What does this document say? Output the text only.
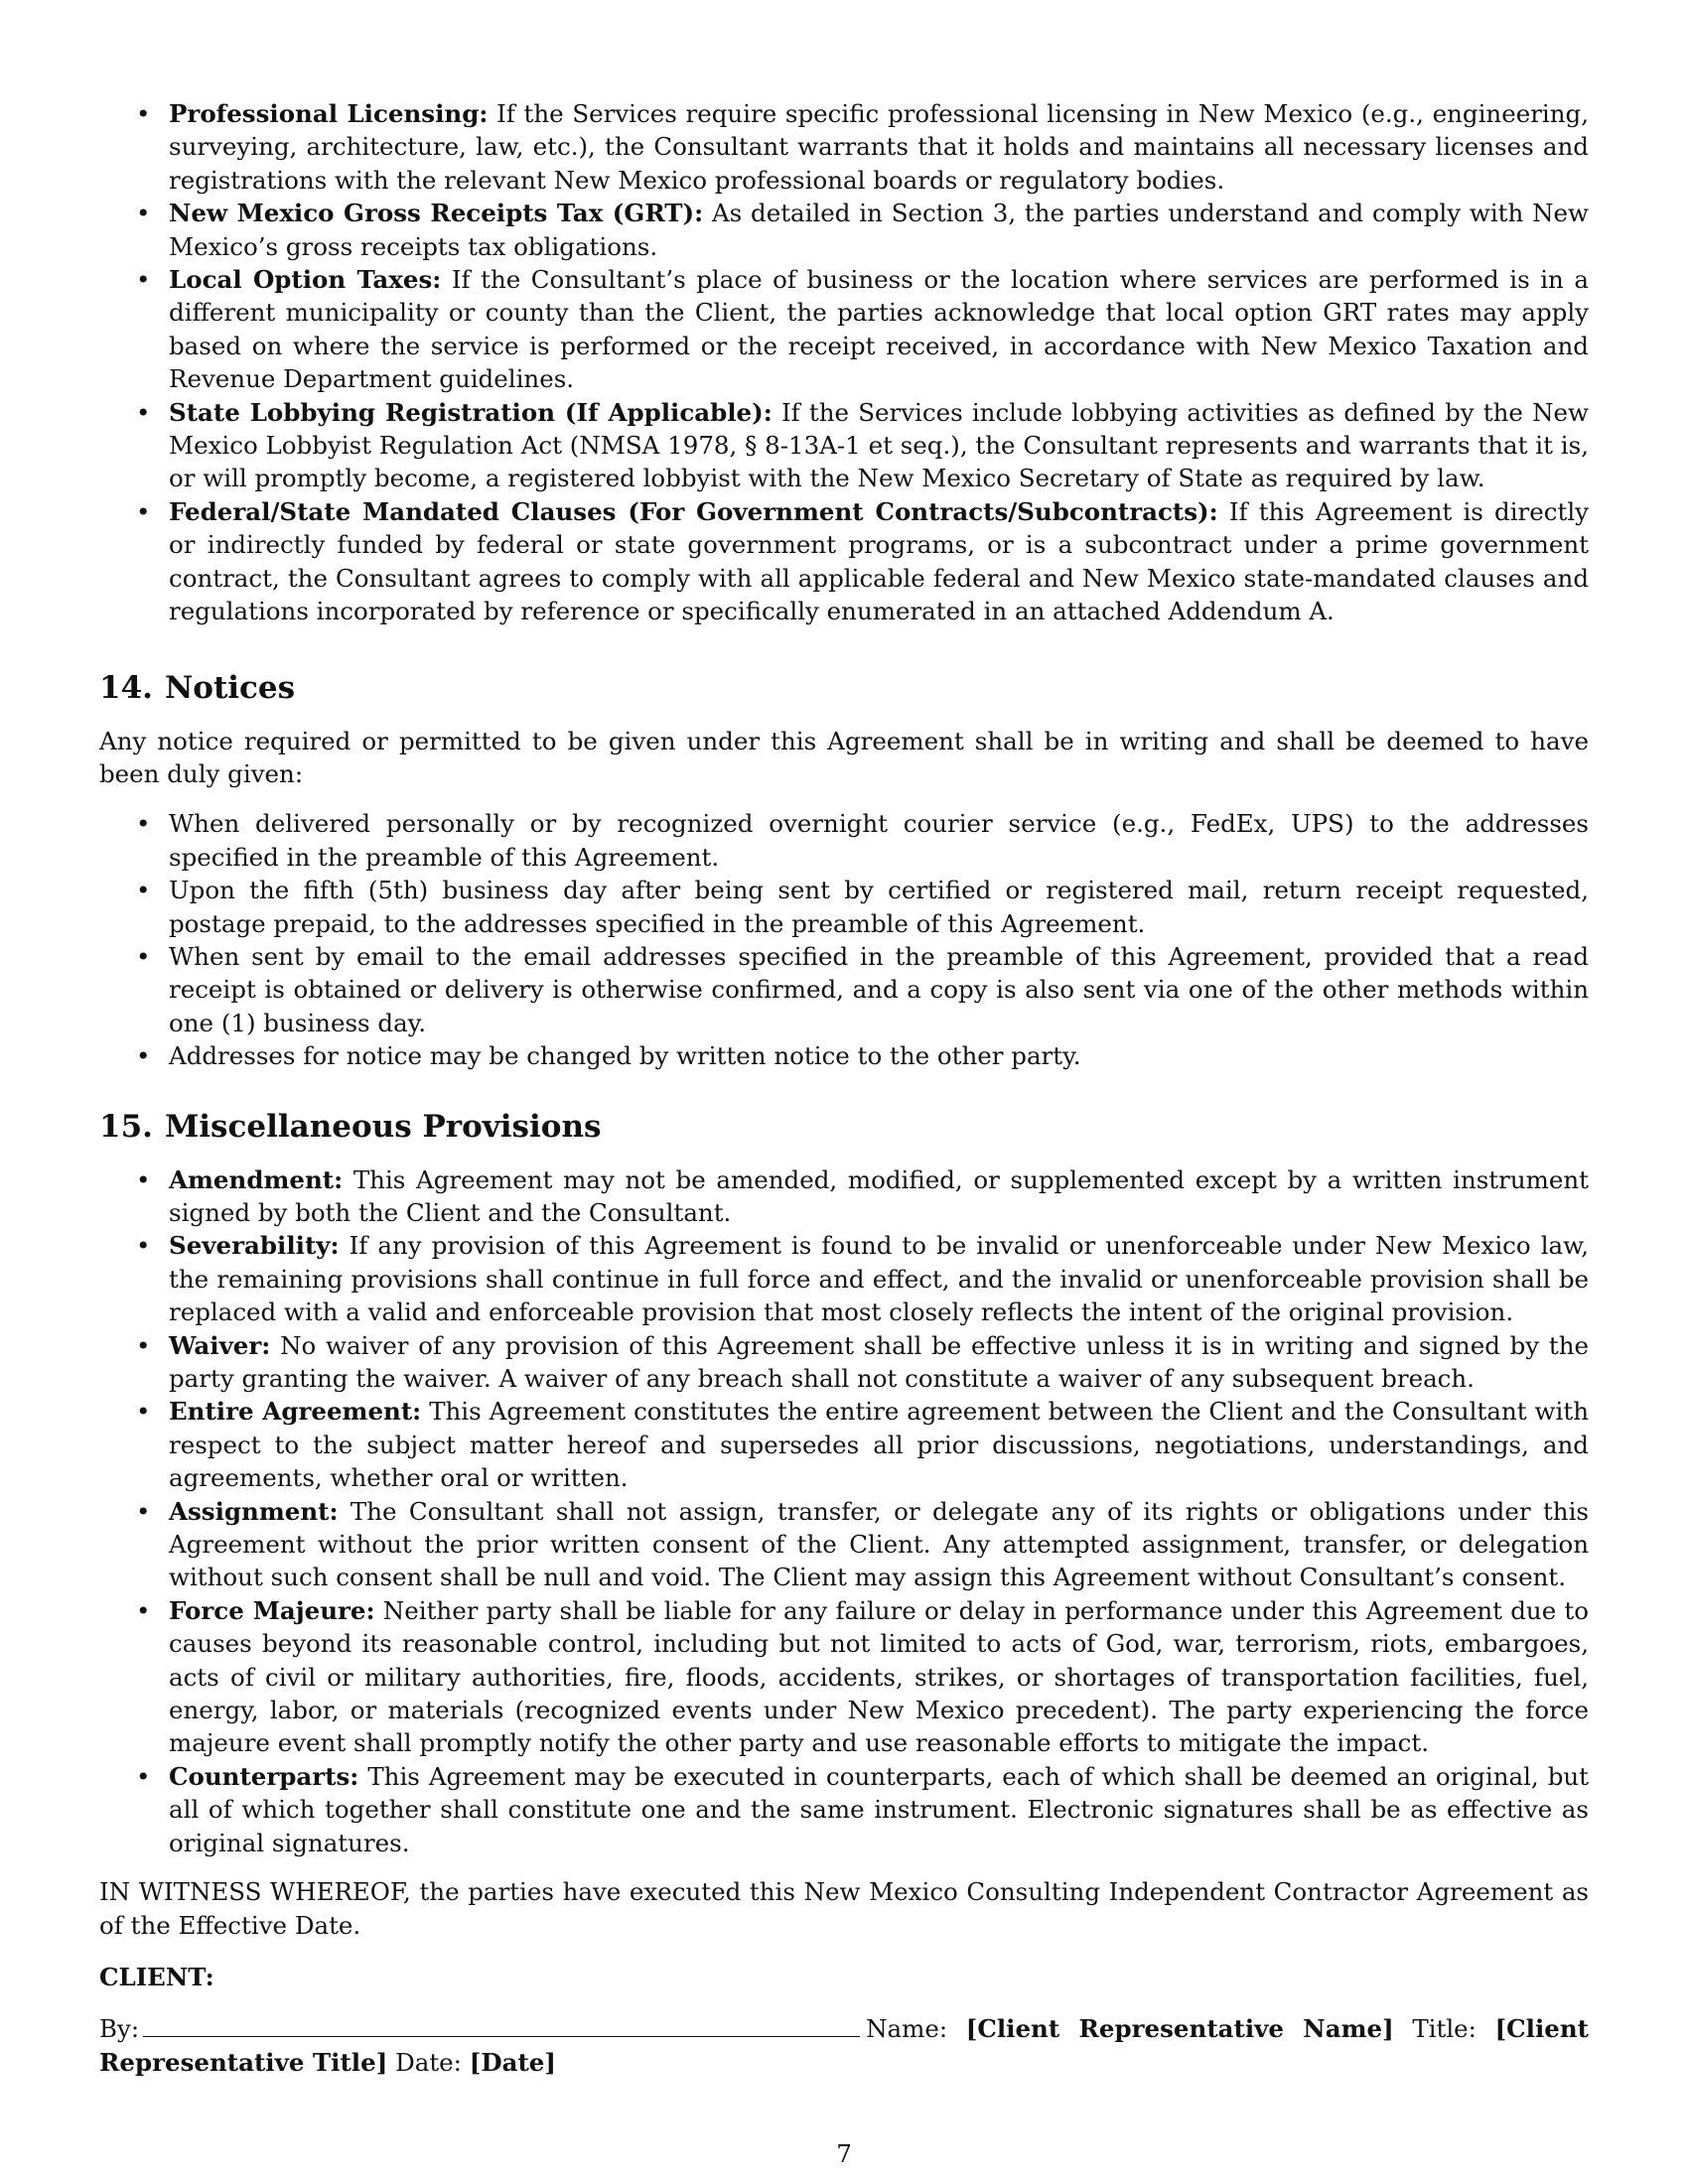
• Professional Licensing: If the Services require specific professional licensing in New Mexico (e.g., engineering, surveying, architecture, law, etc.), the Consultant warrants that it holds and maintains all necessary licenses and registrations with the relevant New Mexico professional boards or regulatory bodies.
• New Mexico Gross Receipts Tax (GRT): As detailed in Section 3, the parties understand and comply with New Mexico’s gross receipts tax obligations.
• Local Option Taxes: If the Consultant’s place of business or the location where services are performed is in a different municipality or county than the Client, the parties acknowledge that local option GRT rates may apply based on where the service is performed or the receipt received, in accordance with New Mexico Taxation and Revenue Department guidelines.
• State Lobbying Registration (If Applicable): If the Services include lobbying activities as defined by the New Mexico Lobbyist Regulation Act (NMSA 1978, § 8-13A-1 et seq.), the Consultant represents and warrants that it is, or will promptly become, a registered lobbyist with the New Mexico Secretary of State as required by law.
• Federal/State Mandated Clauses (For Government Contracts/Subcontracts): If this Agreement is directly or indirectly funded by federal or state government programs, or is a subcontract under a prime government contract, the Consultant agrees to comply with all applicable federal and New Mexico state-mandated clauses and regulations incorporated by reference or specifically enumerated in an attached Addendum A.
14. Notices

Any notice required or permitted to be given under this Agreement shall be in writing and shall be deemed to have been duly given:

• When delivered personally or by recognized overnight courier service (e.g., FedEx, UPS) to the addresses specified in the preamble of this Agreement.
• Upon the fifth (5th) business day after being sent by certified or registered mail, return receipt requested, postage prepaid, to the addresses specified in the preamble of this Agreement.
• When sent by email to the email addresses specified in the preamble of this Agreement, provided that a read receipt is obtained or delivery is otherwise confirmed, and a copy is also sent via one of the other methods within one (1) business day.
• Addresses for notice may be changed by written notice to the other party.
15. Miscellaneous Provisions
• Amendment: This Agreement may not be amended, modified, or supplemented except by a written instrument signed by both the Client and the Consultant.
• Severability: If any provision of this Agreement is found to be invalid or unenforceable under New Mexico law, the remaining provisions shall continue in full force and effect, and the invalid or unenforceable provision shall be replaced with a valid and enforceable provision that most closely reflects the intent of the original provision.
• Waiver: No waiver of any provision of this Agreement shall be effective unless it is in writing and signed by the party granting the waiver. A waiver of any breach shall not constitute a waiver of any subsequent breach.
• Entire Agreement: This Agreement constitutes the entire agreement between the Client and the Consultant with respect to the subject matter hereof and supersedes all prior discussions, negotiations, understandings, and agreements, whether oral or written.
• Assignment: The Consultant shall not assign, transfer, or delegate any of its rights or obligations under this Agreement without the prior written consent of the Client. Any attempted assignment, transfer, or delegation without such consent shall be null and void. The Client may assign this Agreement without Consultant’s consent.
• Force Majeure: Neither party shall be liable for any failure or delay in performance under this Agreement due to causes beyond its reasonable control, including but not limited to acts of God, war, terrorism, riots, embargoes, acts of civil or military authorities, fire, floods, accidents, strikes, or shortages of transportation facilities, fuel, energy, labor, or materials (recognized events under New Mexico precedent). The party experiencing the force majeure event shall promptly notify the other party and use reasonable efforts to mitigate the impact.
• Counterparts: This Agreement may be executed in counterparts, each of which shall be deemed an original, but all of which together shall constitute one and the same instrument. Electronic signatures shall be as effective as original signatures.

IN WITNESS WHEREOF, the parties have executed this New Mexico Consulting Independent Contractor Agreement as of the Effective Date.

CLIENT:

By:	Name: [Client Representative Name] Title: [Client Representative Title] Date: [Date]

7
